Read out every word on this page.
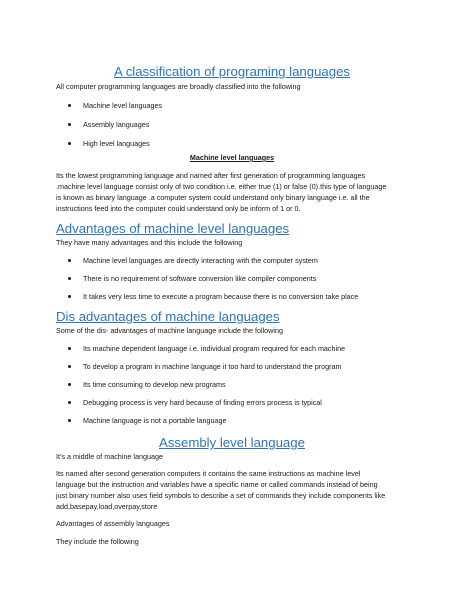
A classification of programing languages

All computer programming languages are broadly classified into the following

Machine level languages
Assembly languages
High level languages

Machine level languages

Its the lowest programming language and named after first generation of programming languages

.machine level language consist only of two condition i.e. either true (1) or false (0).this type of language

is known as binary language .a computer system could understand only binary language i.e. all the

instructions feed into the computer could understand only be inform of 1 or 0.

Advantages of machine level languages

They have many advantages and this include the following

Machine level languages are directly interacting with the computer system
There is no requirement of software conversion like compiler components
It takes very less time to execute a program because there is no conversion take place
Dis advantages of machine languages

Some of the dis- advantages of machine language include the following

Its machine dependent language i.e. individual program required for each machine
To develop a program in machine language it too hard to understand the program
Its time consuming to develop new programs
Debugging process is very hard because of finding errors process is typical
Machine language is not a portable language
Assembly level language

It’s a middle of machine language

Its named after second generation computers it contains the same instructions as machine level

language but the instruction and variables have a specific name or called commands instead of being

just binary number also uses field symbols to describe a set of commands they include components like

add,basepay,load,overpay,store

Advantages of assembly languages

They include the following
